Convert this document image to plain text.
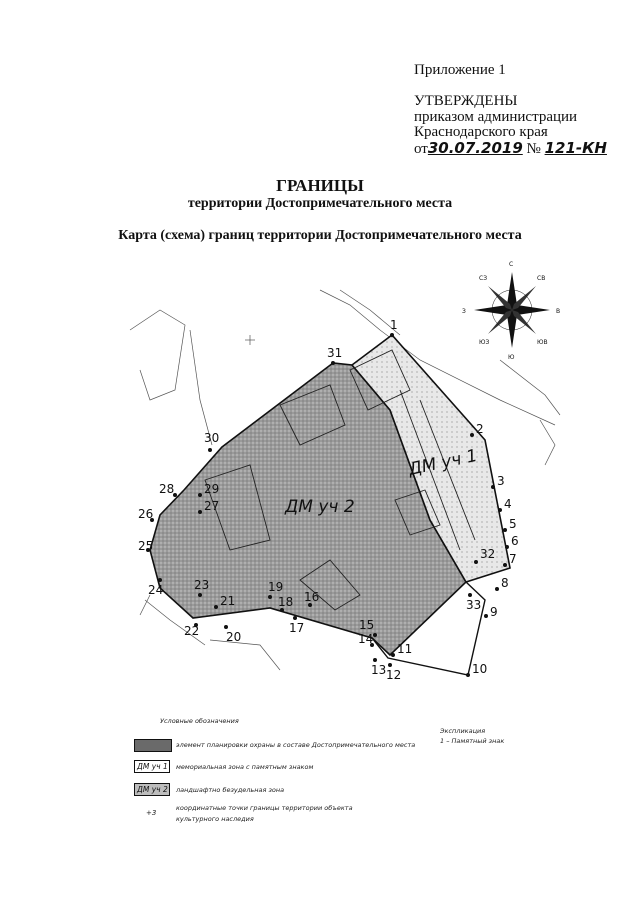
Приложение 1
УТВЕРЖДЕНЫ
приказом администрации
Краснодарского края
от30.07.2019 № 121-КН
ГРАНИЦЫ
территории Достопримечательного места
Карта (схема) границ территории Достопримечательного места
ДМ уч 2
ДМ уч 1
С
Ю
З	В
СЗ	СВ
ЮЗ	ЮВ
1
2
3
4
5
6
7
8
9
10
11
12
13
14
15
16
17
18
19
20
21
22
23
24
25
26
27
28 29
30
31
32
33
Условные обозначения
элемент планировки охраны в составе Достопримечательного места
ДМ уч 1	мемориальная зона с памятным знаком
ДМ уч 2	ландшафтно безудельная зона
+3
координатные точки границы территории объекта
культурного наследия
Экспликация
1 – Памятный знак
